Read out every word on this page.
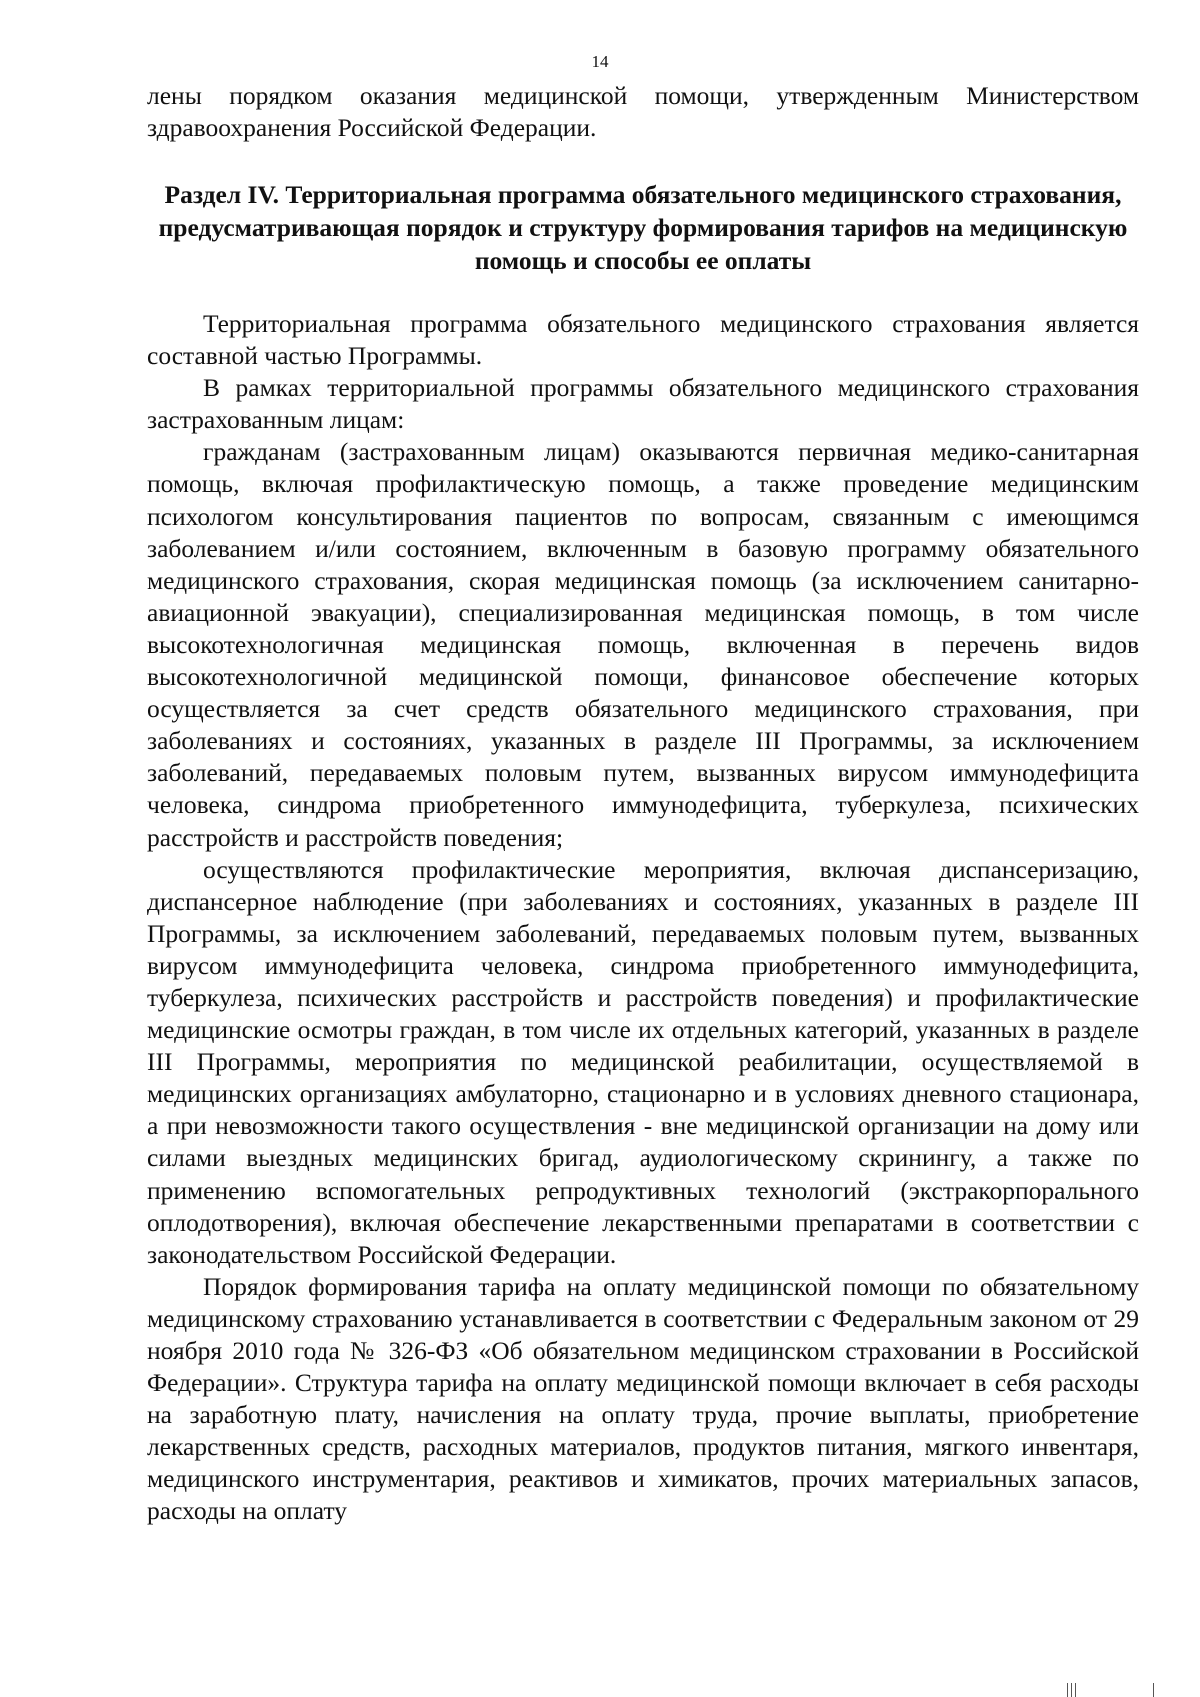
14

лены порядком оказания медицинской помощи, утвержденным Министерством здравоохранения Российской Федерации.

Раздел IV. Территориальная программа обязательного медицинского страхования, предусматривающая порядок и структуру формирования тарифов на медицинскую помощь и способы ее оплаты

Территориальная программа обязательного медицинского страхования является составной частью Программы.

В рамках территориальной программы обязательного медицинского страхования застрахованным лицам:

гражданам (застрахованным лицам) оказываются первичная медико-санитарная помощь, включая профилактическую помощь, а также проведение медицинским психологом консультирования пациентов по вопросам, связанным с имеющимся заболеванием и/или состоянием, включенным в базовую программу обязательного медицинского страхования, скорая медицинская помощь (за исключением санитарно-авиационной эвакуации), специализированная медицинская помощь, в том числе высокотехнологичная медицинская помощь, включенная в перечень видов высокотехнологичной медицинской помощи, финансовое обеспечение которых осуществляется за счет средств обязательного медицинского страхования, при заболеваниях и состояниях, указанных в разделе III Программы, за исключением заболеваний, передаваемых половым путем, вызванных вирусом иммунодефицита человека, синдрома приобретенного иммунодефицита, туберкулеза, психических расстройств и расстройств поведения;

осуществляются профилактические мероприятия, включая диспансеризацию, диспансерное наблюдение (при заболеваниях и состояниях, указанных в разделе III Программы, за исключением заболеваний, передаваемых половым путем, вызванных вирусом иммунодефицита человека, синдрома приобретенного иммунодефицита, туберкулеза, психических расстройств и расстройств поведения) и профилактические медицинские осмотры граждан, в том числе их отдельных категорий, указанных в разделе III Программы, мероприятия по медицинской реабилитации, осуществляемой в медицинских организациях амбулаторно, стационарно и в условиях дневного стационара, а при невозможности такого осуществления - вне медицинской организации на дому или силами выездных медицинских бригад, аудиологическому скринингу, а также по применению вспомогательных репродуктивных технологий (экстракорпорального оплодотворения), включая обеспечение лекарственными препаратами в соответствии с законодательством Российской Федерации.

Порядок формирования тарифа на оплату медицинской помощи по обязательному медицинскому страхованию устанавливается в соответствии с Федеральным законом от 29 ноября 2010 года № 326-ФЗ «Об обязательном медицинском страховании в Российской Федерации». Структура тарифа на оплату медицинской помощи включает в себя расходы на заработную плату, начисления на оплату труда, прочие выплаты, приобретение лекарственных средств, расходных материалов, продуктов питания, мягкого инвентаря, медицинского инструментария, реактивов и химикатов, прочих материальных запасов, расходы на оплату
